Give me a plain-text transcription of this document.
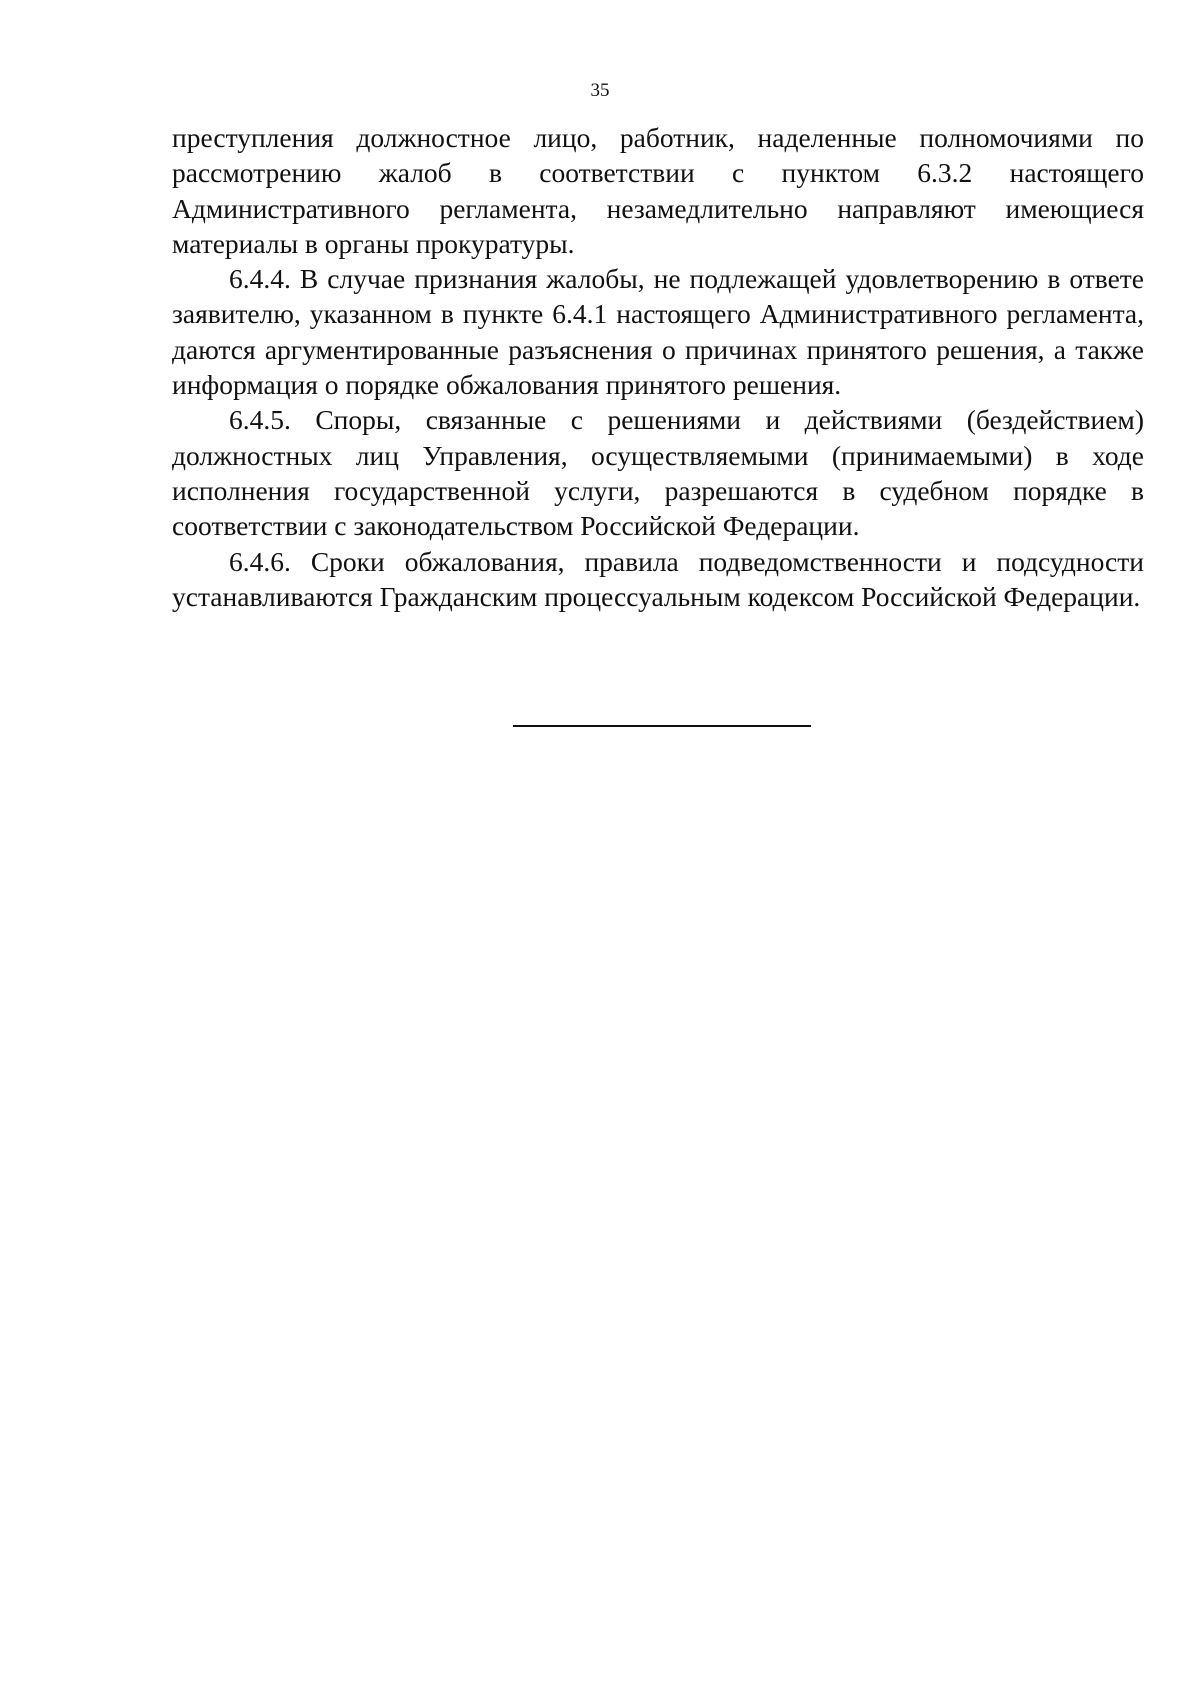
35

преступления должностное лицо, работник, наделенные полномочиями по рассмотрению жалоб в соответствии с пунктом 6.3.2 настоящего Административного регламента, незамедлительно направляют имеющиеся материалы в органы прокуратуры.

6.4.4. В случае признания жалобы, не подлежащей удовлетворению в ответе заявителю, указанном в пункте 6.4.1 настоящего Административного регламента, даются аргументированные разъяснения о причинах принятого решения, а также информация о порядке обжалования принятого решения.

6.4.5. Споры, связанные с решениями и действиями (бездействием) должностных лиц Управления, осуществляемыми (принимаемыми) в ходе исполнения государственной услуги, разрешаются в судебном порядке в соответствии с законодательством Российской Федерации.

6.4.6. Сроки обжалования, правила подведомственности и подсудности устанавливаются Гражданским процессуальным кодексом Российской Федерации.
